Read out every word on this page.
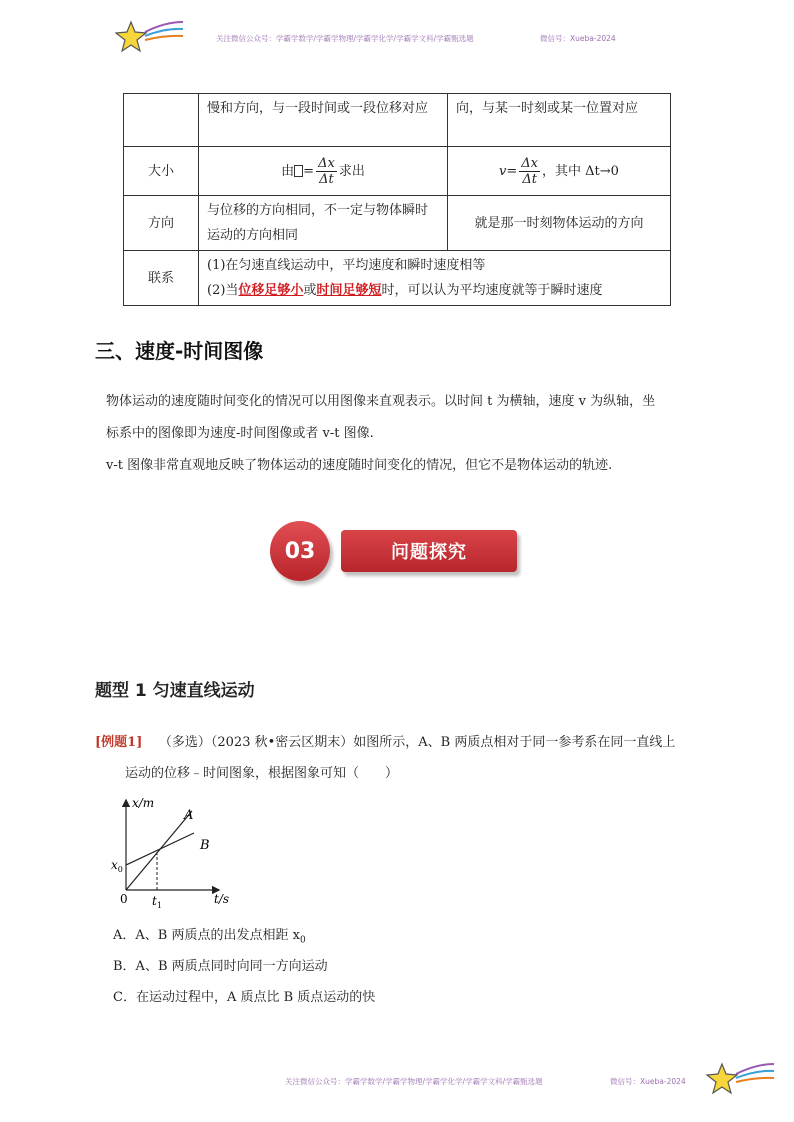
关注微信公众号：学霸学数学/学霸学物理/学霸学化学/学霸学文科/学霸甄选题	微信号：Xueba-2024
	慢和方向，与一段时间或一段位移对应	向，与某一时刻或某一位置对应
大小	由 = $\frac{\Delta x}{\Delta t}$ 求出	$v= \frac{\Delta x}{\Delta t}$ ，其中 Δt→0
方向	与位移的方向相同，不一定与物体瞬时运动的方向相同	就是那一时刻物体运动的方向
联系	(1)在匀速直线运动中，平均速度和瞬时速度相等
(2)当位移足够小或时间足够短时，可以认为平均速度就等于瞬时速度	
三、速度-时间图像
物体运动的速度随时间变化的情况可以用图像来直观表示。以时间 t 为横轴，速度 v 为纵轴，坐
标系中的图像即为速度-时间图像或者 v-t 图像.
v-t 图像非常直观地反映了物体运动的速度随时间变化的情况，但它不是物体运动的轨迹.
03	问题探究
题型 1 匀速直线运动
[例题1] （多选）（2023 秋•密云区期末）如图所示，A、B 两质点相对于同一参考系在同一直线上
运动的位移﹣时间图象，根据图象可知（　　）
x/m
t/s
0
$x_0$
$t_1$
A
B
A．A、B 两质点的出发点相距 $x_0$
B．A、B 两质点同时向同一方向运动
C．在运动过程中，A 质点比 B 质点运动的快
关注微信公众号：学霸学数学/学霸学物理/学霸学化学/学霸学文科/学霸甄选题	微信号：Xueba-2024
